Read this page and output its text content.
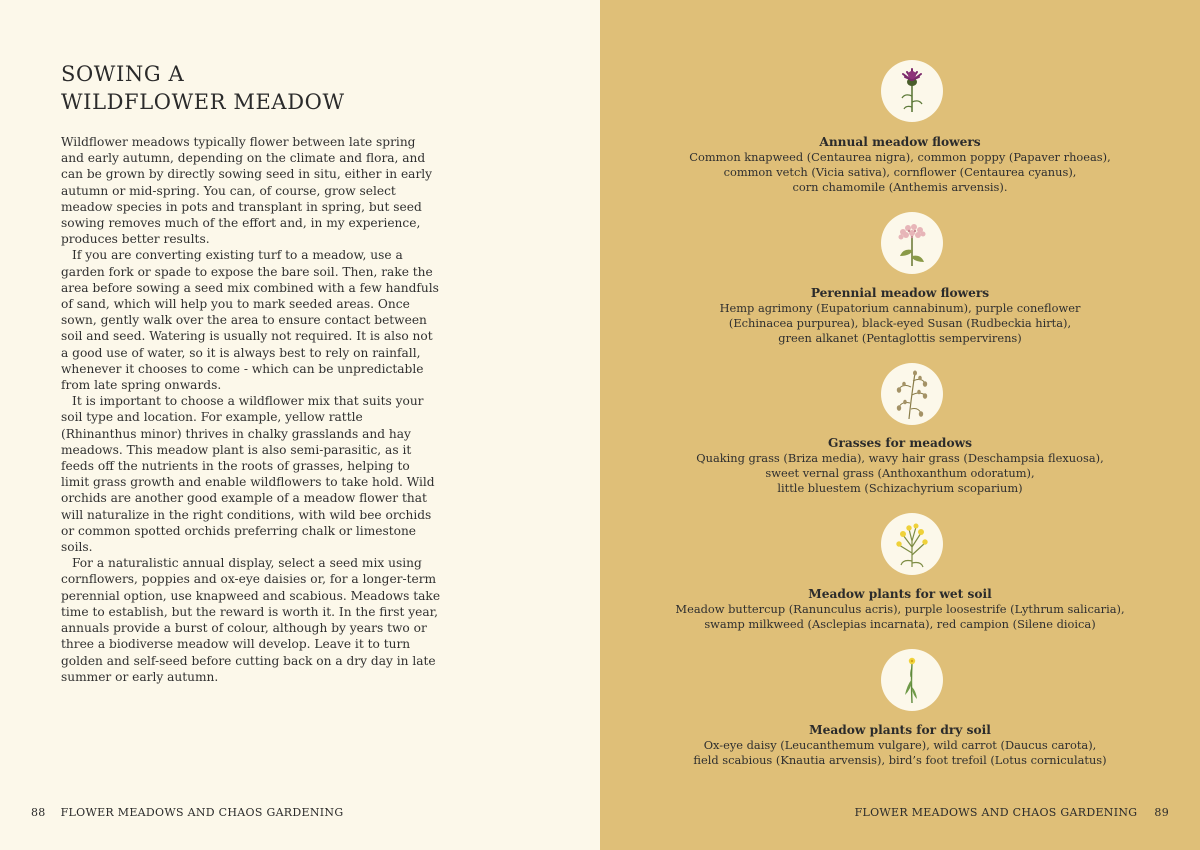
SOWING A
WILDFLOWER MEADOW

Wildflower meadows typically flower between late spring and early autumn, depending on the climate and flora, and can be grown by directly sowing seed in situ, either in early autumn or mid-spring. You can, of course, grow select meadow species in pots and transplant in spring, but seed sowing removes much of the effort and, in my experience, produces better results.

If you are converting existing turf to a meadow, use a garden fork or spade to expose the bare soil. Then, rake the area before sowing a seed mix combined with a few handfuls of sand, which will help you to mark seeded areas. Once sown, gently walk over the area to ensure contact between soil and seed. Watering is usually not required. It is also not a good use of water, so it is always best to rely on rainfall, whenever it chooses to come - which can be unpredictable from late spring onwards.

It is important to choose a wildflower mix that suits your soil type and location. For example, yellow rattle (Rhinanthus minor) thrives in chalky grasslands and hay meadows. This meadow plant is also semi-parasitic, as it feeds off the nutrients in the roots of grasses, helping to limit grass growth and enable wildflowers to take hold. Wild orchids are another good example of a meadow flower that will naturalize in the right conditions, with wild bee orchids or common spotted orchids preferring chalk or limestone soils.

For a naturalistic annual display, select a seed mix using cornflowers, poppies and ox-eye daisies or, for a longer-term perennial option, use knapweed and scabious. Meadows take time to establish, but the reward is worth it. In the first year, annuals provide a burst of colour, although by years two or three a biodiverse meadow will develop. Leave it to turn golden and self-seed before cutting back on a dry day in late summer or early autumn.

88 FLOWER MEADOWS AND CHAOS GARDENING

Annual meadow flowers

Common knapweed (Centaurea nigra), common poppy (Papaver rhoeas),
common vetch (Vicia sativa), cornflower (Centaurea cyanus),
corn chamomile (Anthemis arvensis).

Perennial meadow flowers

Hemp agrimony (Eupatorium cannabinum), purple coneflower
(Echinacea purpurea), black-eyed Susan (Rudbeckia hirta),
green alkanet (Pentaglottis sempervirens)

Grasses for meadows

Quaking grass (Briza media), wavy hair grass (Deschampsia flexuosa),
sweet vernal grass (Anthoxanthum odoratum),
little bluestem (Schizachyrium scoparium)

Meadow plants for wet soil

Meadow buttercup (Ranunculus acris), purple loosestrife (Lythrum salicaria),
swamp milkweed (Asclepias incarnata), red campion (Silene dioica)

Meadow plants for dry soil

Ox-eye daisy (Leucanthemum vulgare), wild carrot (Daucus carota),
field scabious (Knautia arvensis), bird’s foot trefoil (Lotus corniculatus)
FLOWER MEADOWS AND CHAOS GARDENING 89
